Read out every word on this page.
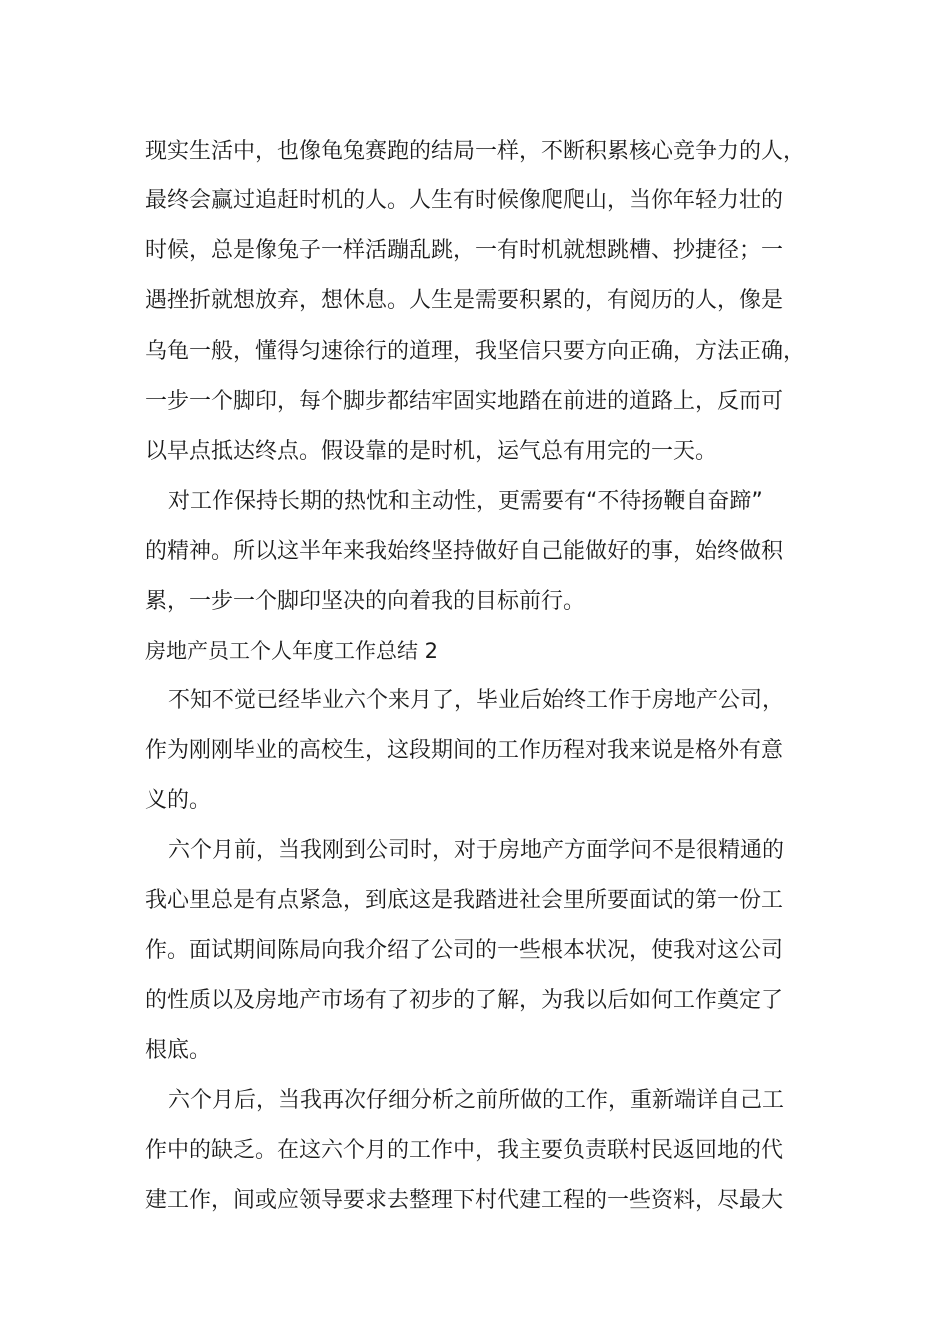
现实生活中，也像龟兔赛跑的结局一样，不断积累核心竞争力的人，
最终会赢过追赶时机的人。人生有时候像爬爬山，当你年轻力壮的
时候，总是像兔子一样活蹦乱跳，一有时机就想跳槽、抄捷径；一
遇挫折就想放弃，想休息。人生是需要积累的，有阅历的人，像是
乌龟一般，懂得匀速徐行的道理，我坚信只要方向正确，方法正确，
一步一个脚印，每个脚步都结牢固实地踏在前进的道路上，反而可
以早点抵达终点。假设靠的是时机，运气总有用完的一天。
对工作保持长期的热忱和主动性，更需要有“不待扬鞭自奋蹄”
的精神。所以这半年来我始终坚持做好自己能做好的事，始终做积
累，一步一个脚印坚决的向着我的目标前行。
房地产员工个人年度工作总结 2
不知不觉已经毕业六个来月了，毕业后始终工作于房地产公司，
作为刚刚毕业的高校生，这段期间的工作历程对我来说是格外有意
义的。
六个月前，当我刚到公司时，对于房地产方面学问不是很精通的
我心里总是有点紧急，到底这是我踏进社会里所要面试的第一份工
作。面试期间陈局向我介绍了公司的一些根本状况，使我对这公司
的性质以及房地产市场有了初步的了解，为我以后如何工作奠定了
根底。
六个月后，当我再次仔细分析之前所做的工作，重新端详自己工
作中的缺乏。在这六个月的工作中，我主要负责联村民返回地的代
建工作，间或应领导要求去整理下村代建工程的一些资料，尽最大
